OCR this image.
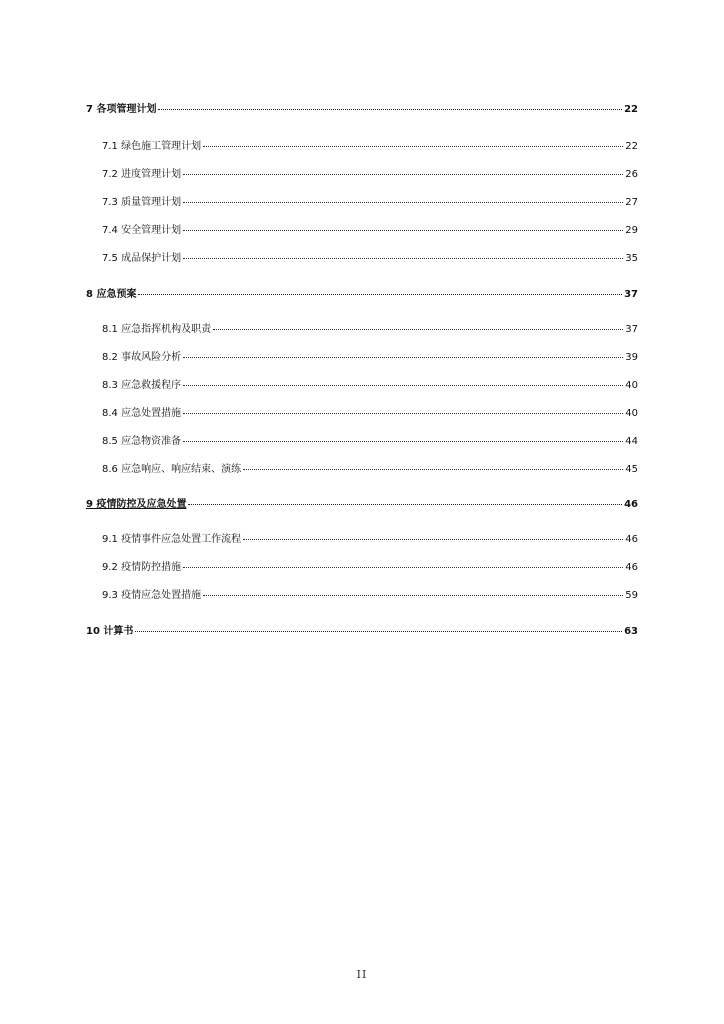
7 各项管理计划	22
7.1 绿色施工管理计划	22
7.2 进度管理计划	26
7.3 质量管理计划	27
7.4 安全管理计划	29
7.5 成品保护计划	35
8 应急预案	37
8.1 应急指挥机构及职责	37
8.2 事故风险分析	39
8.3 应急救援程序	40
8.4 应急处置措施	40
8.5 应急物资准备	44
8.6 应急响应、响应结束、演练	45
9 疫情防控及应急处置	46
9.1 疫情事件应急处置工作流程	46
9.2 疫情防控措施	46
9.3 疫情应急处置措施	59
10 计算书	63
II
